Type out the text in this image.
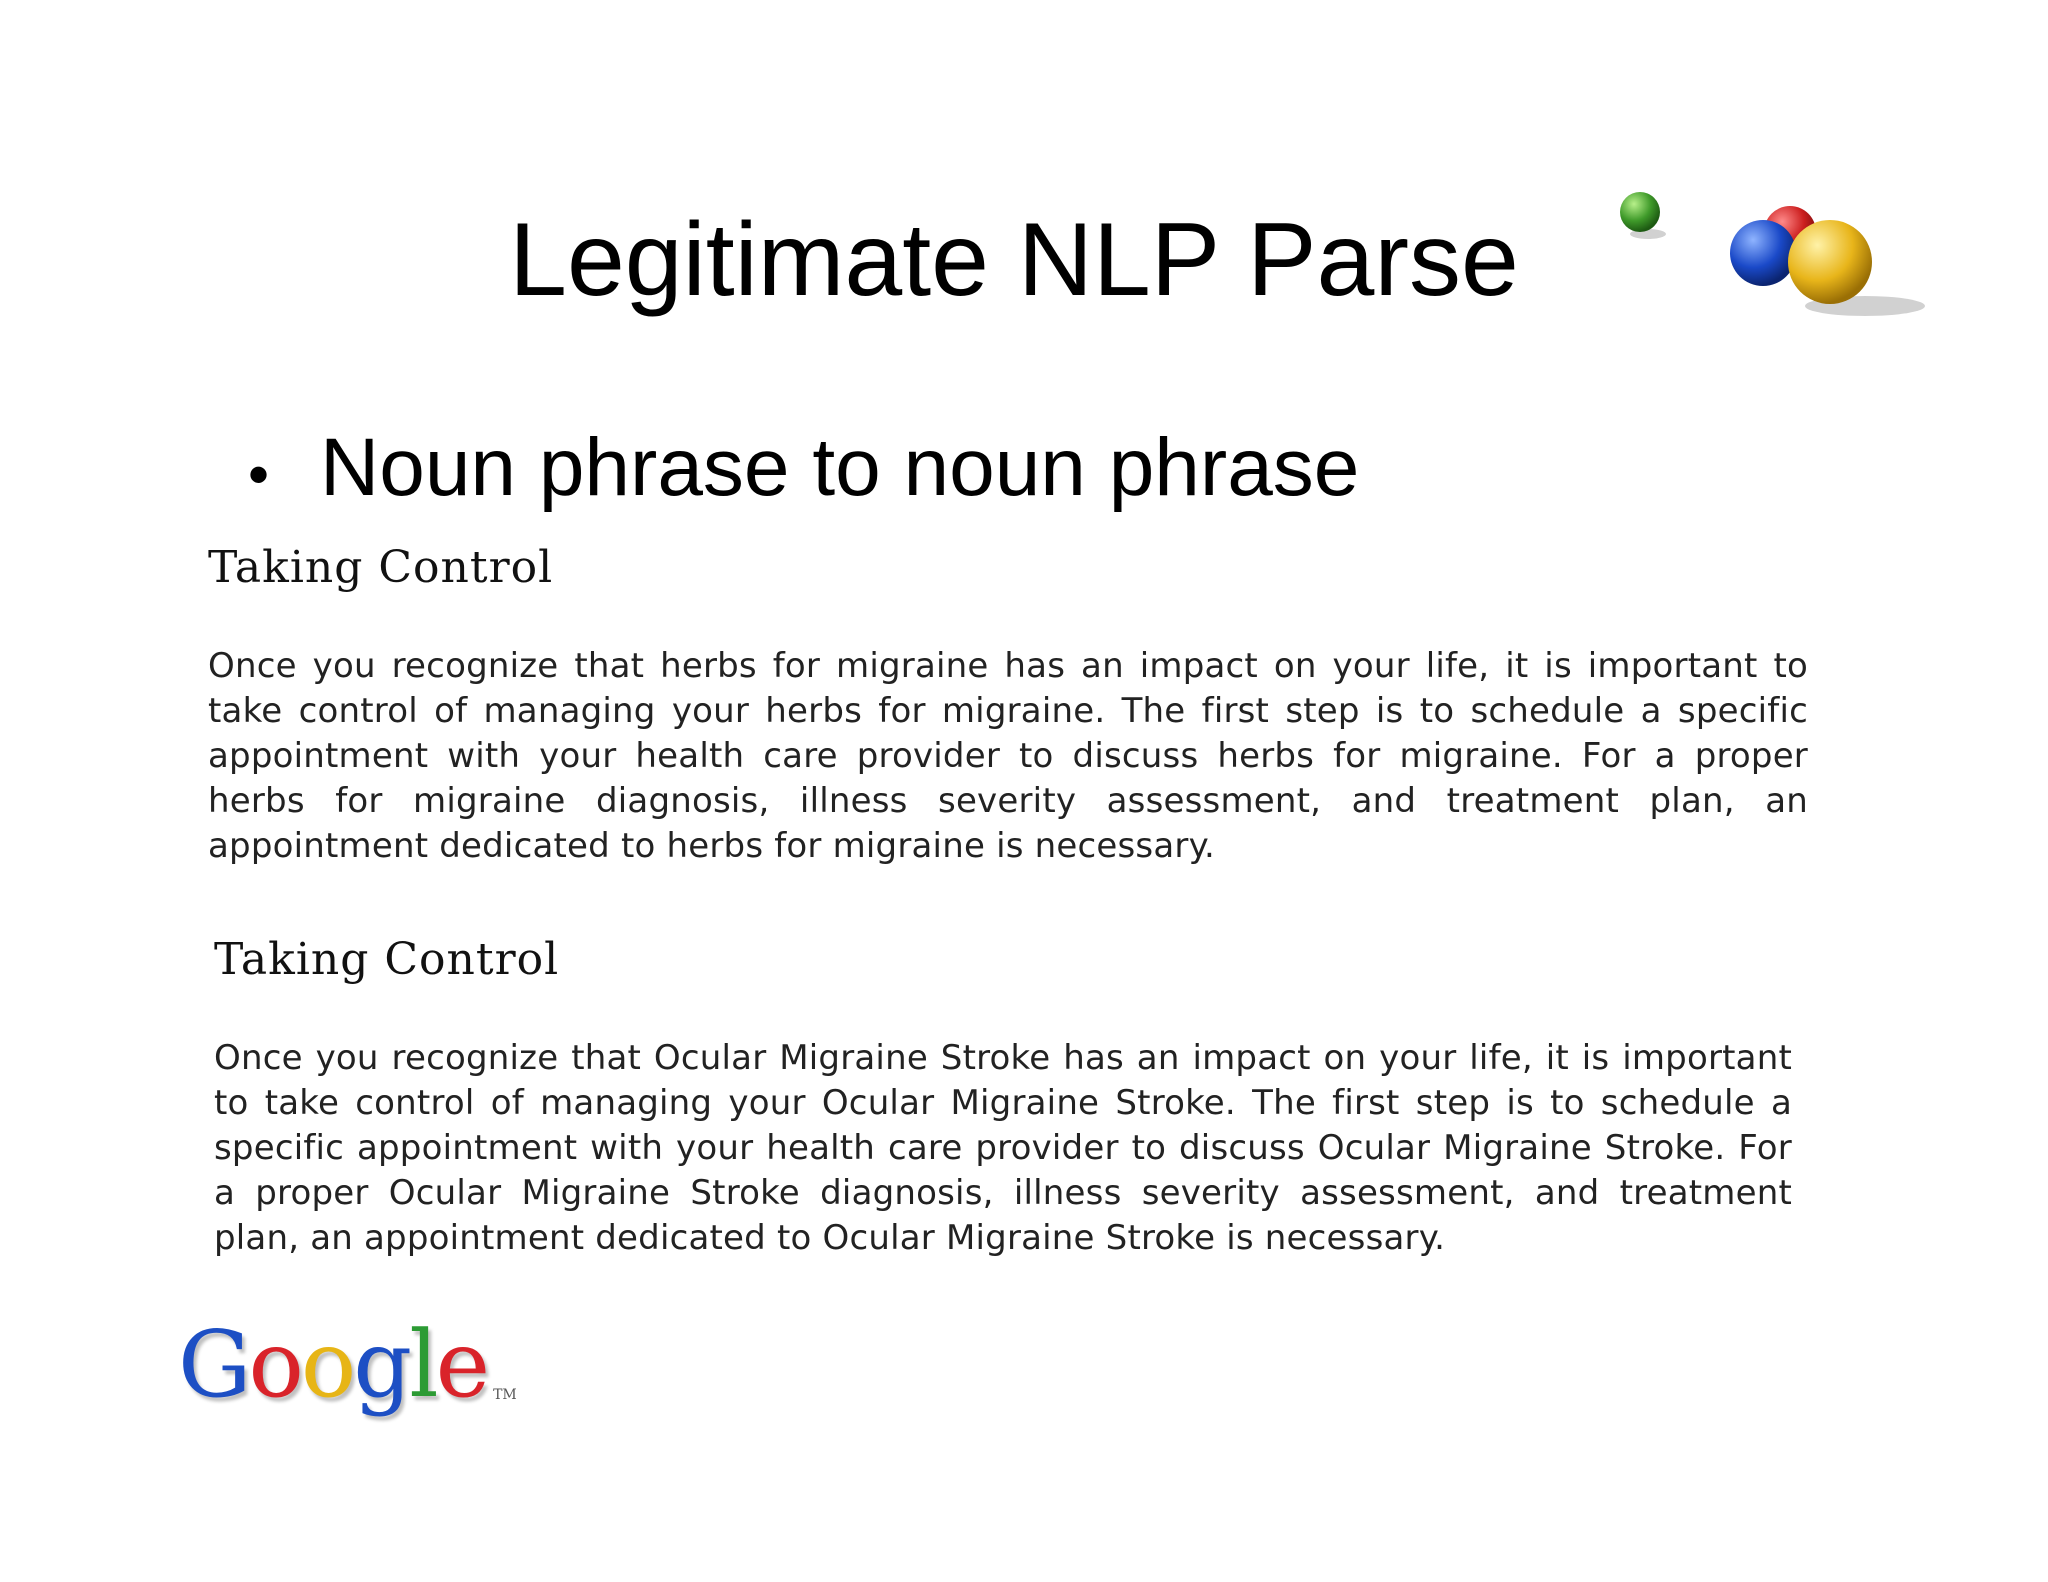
Legitimate NLP Parse
• Noun phrase to noun phrase
Taking Control

Once you recognize that herbs for migraine has an impact on your life, it is important to take control of managing your herbs for migraine. The first step is to schedule a specific appointment with your health care provider to discuss herbs for migraine. For a proper herbs for migraine diagnosis, illness severity assessment, and treatment plan, an appointment dedicated to herbs for migraine is necessary.

Taking Control

Once you recognize that Ocular Migraine Stroke has an impact on your life, it is important to take control of managing your Ocular Migraine Stroke. The first step is to schedule a specific appointment with your health care provider to discuss Ocular Migraine Stroke. For a proper Ocular Migraine Stroke diagnosis, illness severity assessment, and treatment plan, an appointment dedicated to Ocular Migraine Stroke is necessary.

Google TM
